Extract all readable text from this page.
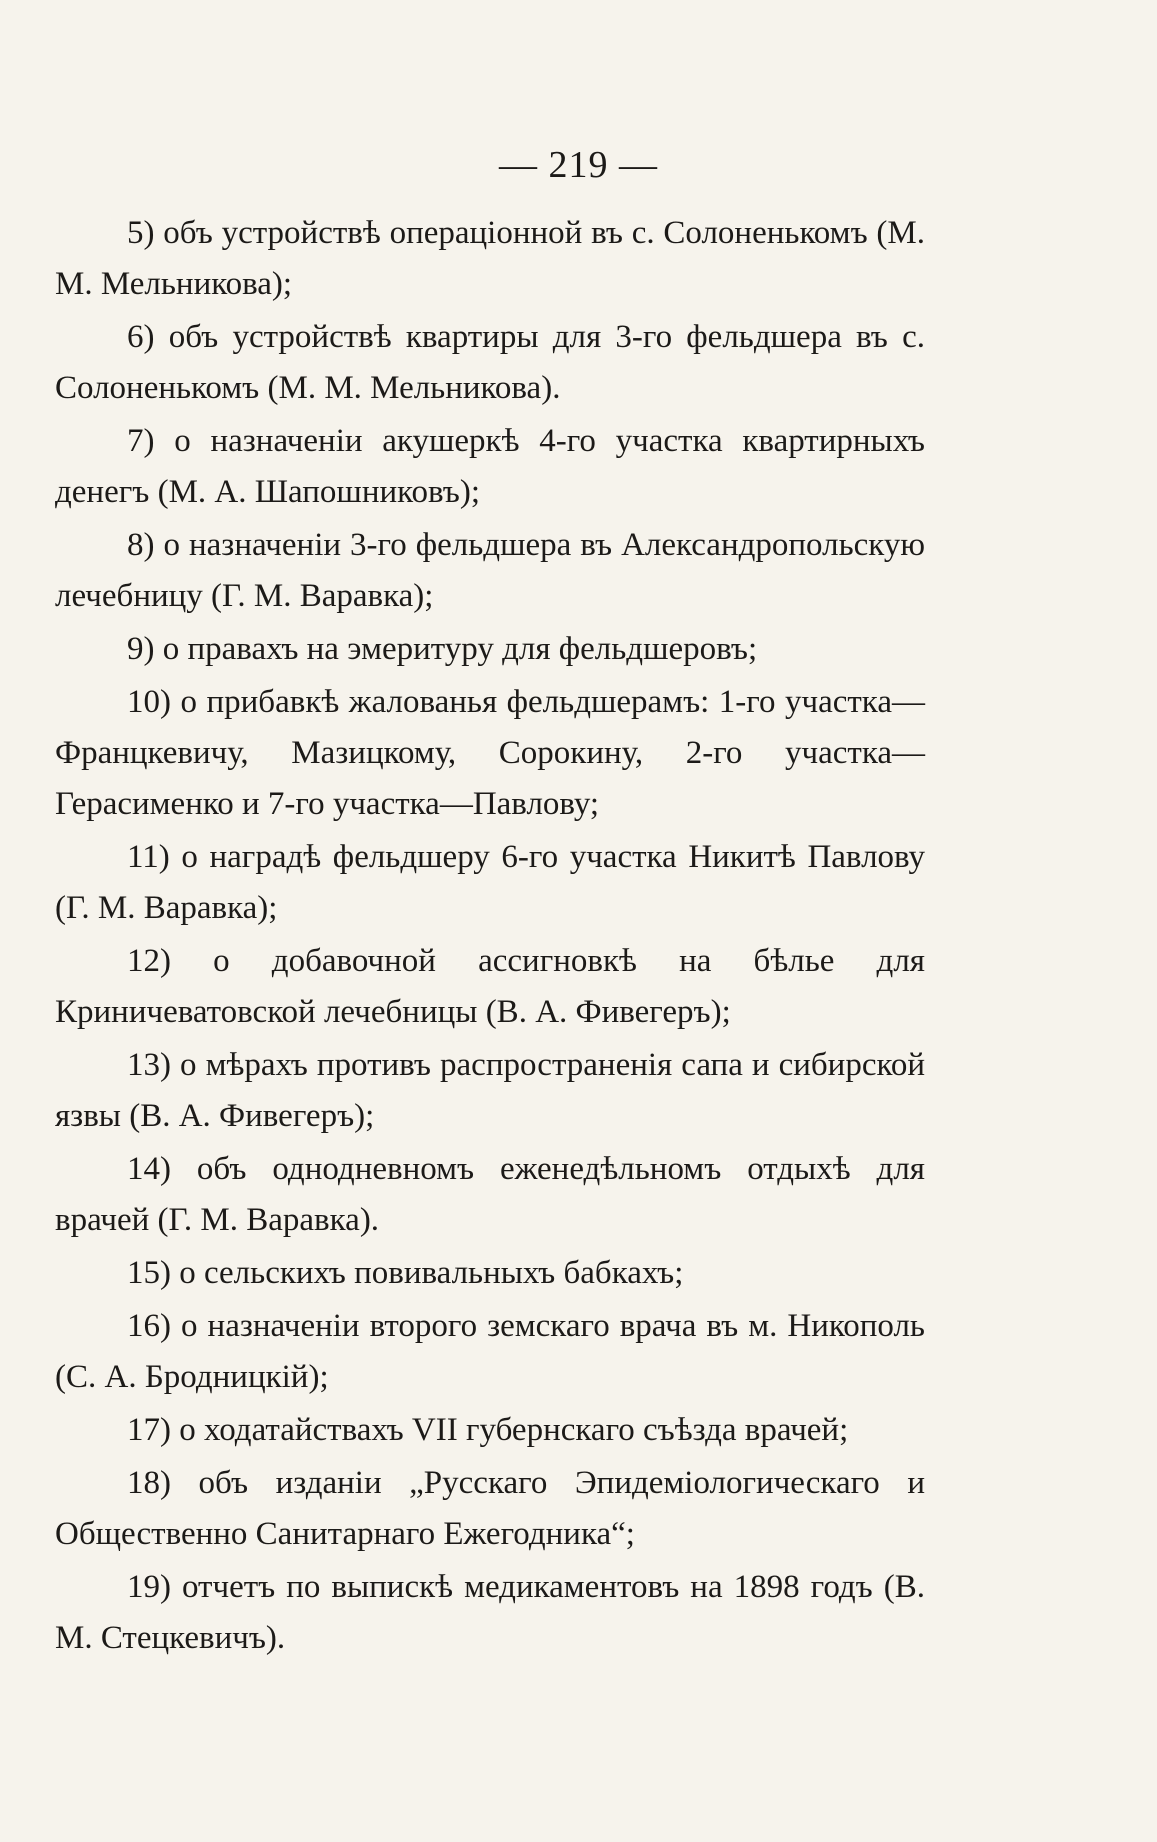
— 219 —

5) объ устройствѣ операціонной въ с. Солоненькомъ (М. М. Мельникова);

6) объ устройствѣ квартиры для 3-го фельдшера въ с. Солоненькомъ (М. М. Мельникова).

7) о назначеніи акушеркѣ 4-го участка квартирныхъ денегъ (М. А. Шапошниковъ);

8) о назначеніи 3-го фельдшера въ Александропольскую лечебницу (Г. М. Варавка);

9) о правахъ на эмеритуру для фельдшеровъ;

10) о прибавкѣ жалованья фельдшерамъ: 1-го участка—Францкевичу, Мазицкому, Сорокину, 2-го участка—Герасименко и 7-го участка—Павлову;

11) о наградѣ фельдшеру 6-го участка Никитѣ Павлову (Г. М. Варавка);

12) о добавочной ассигновкѣ на бѣлье для Криничеватовской лечебницы (В. А. Фивегеръ);

13) о мѣрахъ противъ распространенія сапа и сибирской язвы (В. А. Фивегеръ);

14) объ однодневномъ еженедѣльномъ отдыхѣ для врачей (Г. М. Варавка).

15) о сельскихъ повивальныхъ бабкахъ;

16) о назначеніи второго земскаго врача въ м. Никополь (С. А. Бродницкій);

17) о ходатайствахъ VII губернскаго съѣзда врачей;

18) объ изданіи „Русскаго Эпидеміологическаго и Общественно Санитарнаго Ежегодника“;

19) отчетъ по выпискѣ медикаментовъ на 1898 годъ (В. М. Стецкевичъ).
